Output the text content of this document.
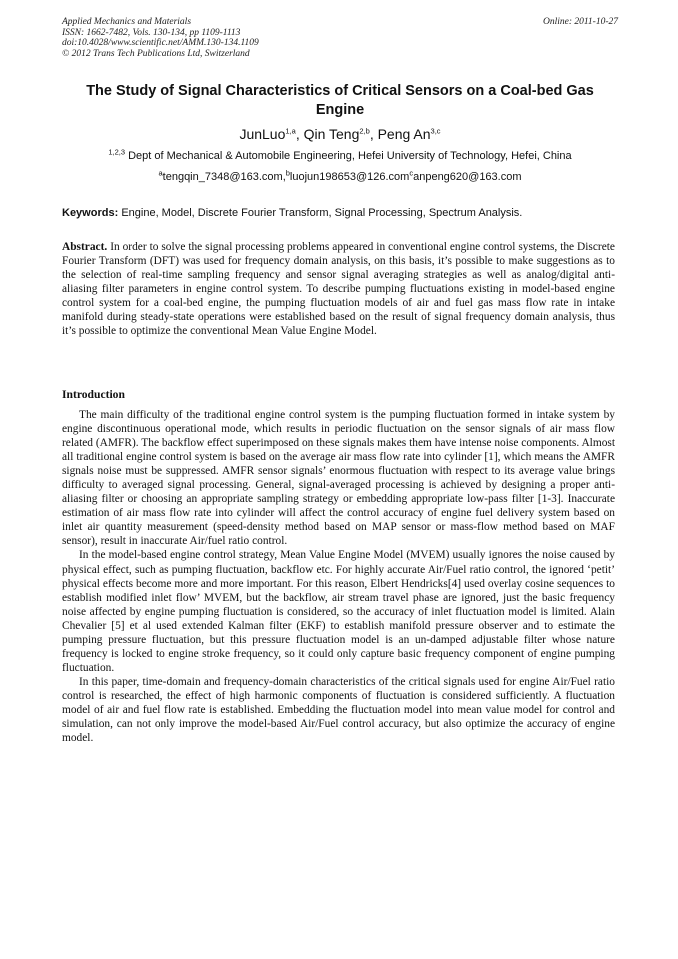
Applied Mechanics and Materials
ISSN: 1662-7482, Vols. 130-134, pp 1109-1113
doi:10.4028/www.scientific.net/AMM.130-134.1109
© 2012 Trans Tech Publications Ltd, Switzerland
Online: 2011-10-27
The Study of Signal Characteristics of Critical Sensors on a Coal-bed Gas Engine
JunLuo$^{1,a}$, Qin Teng$^{2,b}$, Peng An$^{3,c}$
$^{1,2,3}$ Dept of Mechanical & Automobile Engineering, Hefei University of Technology, Hefei, China
$^a$tengqin_7348@163.com,$^b$luojun198653@126.com$^c$anpeng620@163.com
Keywords: Engine, Model, Discrete Fourier Transform, Signal Processing, Spectrum Analysis.

Abstract. In order to solve the signal processing problems appeared in conventional engine control systems, the Discrete Fourier Transform (DFT) was used for frequency domain analysis, on this basis, it’s possible to make suggestions as to the selection of real-time sampling frequency and sensor signal averaging strategies as well as analog/digital anti-aliasing filter parameters in engine control system. To describe pumping fluctuations existing in model-based engine control system for a coal-bed engine, the pumping fluctuation models of air and fuel gas mass flow rate in intake manifold during steady-state operations were established based on the result of signal frequency domain analysis, thus it’s possible to optimize the conventional Mean Value Engine Model.

Introduction

The main difficulty of the traditional engine control system is the pumping fluctuation formed in intake system by engine discontinuous operational mode, which results in periodic fluctuation on the sensor signals of air mass flow related (AMFR). The backflow effect superimposed on these signals makes them have intense noise components. Almost all traditional engine control system is based on the average air mass flow rate into cylinder [1], which means the AMFR signals noise must be suppressed. AMFR sensor signals’ enormous fluctuation with respect to its average value brings difficulty to averaged signal processing. General, signal-averaged processing is achieved by designing a proper anti-aliasing filter or choosing an appropriate sampling strategy or embedding appropriate low-pass filter [1-3]. Inaccurate estimation of air mass flow rate into cylinder will affect the control accuracy of engine fuel delivery system based on inlet air quantity measurement (speed-density method based on MAP sensor or mass-flow method based on MAF sensor), result in inaccurate Air/fuel ratio control.

In the model-based engine control strategy, Mean Value Engine Model (MVEM) usually ignores the noise caused by physical effect, such as pumping fluctuation, backflow etc. For highly accurate Air/Fuel ratio control, the ignored ‘petit’ physical effects become more and more important. For this reason, Elbert Hendricks[4] used overlay cosine sequences to establish modified inlet flow’ MVEM, but the backflow, air stream travel phase are ignored, just the basic frequency noise affected by engine pumping fluctuation is considered, so the accuracy of inlet fluctuation model is limited. Alain Chevalier [5] et al used extended Kalman filter (EKF) to establish manifold pressure observer and to estimate the pumping pressure fluctuation, but this pressure fluctuation model is an un-damped adjustable filter whose nature frequency is locked to engine stroke frequency, so it could only capture basic frequency component of engine pumping fluctuation.

In this paper, time-domain and frequency-domain characteristics of the critical signals used for engine Air/Fuel ratio control is researched, the effect of high harmonic components of fluctuation is considered sufficiently. A fluctuation model of air and fuel flow rate is established. Embedding the fluctuation model into mean value model for control and simulation, can not only improve the model-based Air/Fuel control accuracy, but also optimize the accuracy of engine model.
